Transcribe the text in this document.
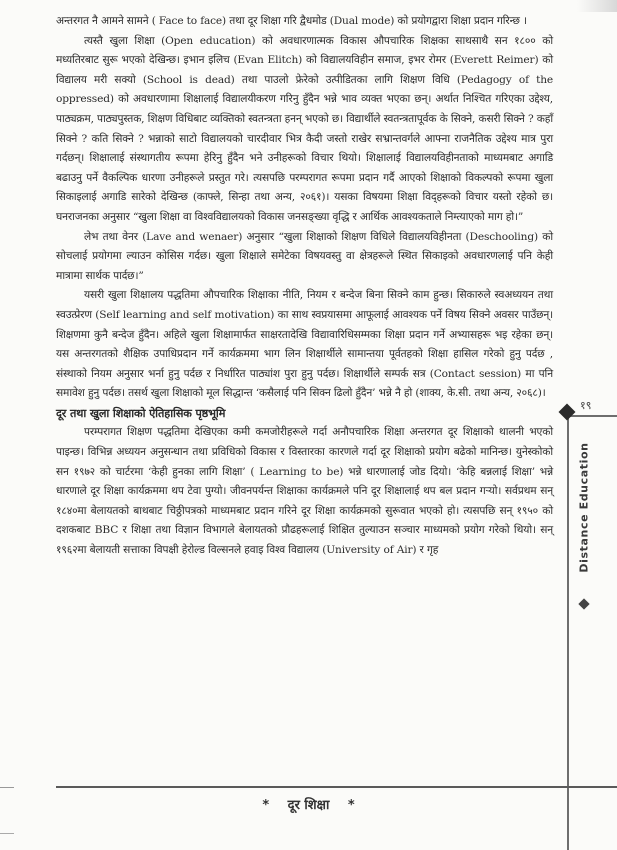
अन्तरगत नै आमने सामने ( Face to face) तथा दूर शिक्षा गरि द्वैधमोड (Dual mode) को प्रयोगद्वारा शिक्षा प्रदान गरिन्छ ।

त्यस्तै खुला शिक्षा (Open education) को अवधारणात्मक विकास औपचारिक शिक्षका साथसाथै सन १८०० को मध्यतिरबाट सुरू भएको देखिन्छ। इभान इलिच (Evan Elitch) को विद्यालयविहीन समाज, इभर रोमर (Everett Reimer) को विद्यालय मरी सक्यो (School is dead) तथा पाउलो फ्रेरेको उत्पीडितका लागि शिक्षण विधि (Pedagogy of the oppressed) को अवधारणामा शिक्षालाई विद्यालयीकरण गरिनु हुँदैन भन्ने भाव व्यक्त भएका छन्। अर्थात निश्चित गरिएका उद्देश्य, पाठ्यक्रम, पाठ्यपुस्तक, शिक्षण विधिबाट व्यक्तिको स्वतन्त्रता हनन् भएको छ। विद्यार्थीले स्वतन्त्रतापूर्वक के सिक्ने, कसरी सिक्ने ? कहाँ सिक्ने ? कति सिक्ने ? भन्नाको साटो विद्यालयको चारदीवार भित्र कैदी जस्तो राखेर सभ्रान्तवर्गले आफ्ना राजनैतिक उद्देश्य मात्र पुरा गर्दछन्। शिक्षालाई संस्थागतीय रूपमा हेरिनु हुँदैन भने उनीहरूको विचार थियो। शिक्षालाई विद्यालयविहीनताको माध्यमबाट अगाडि बढाउनु पर्ने वैकल्पिक धारणा उनीहरूले प्रस्तुत गरे। त्यसपछि परम्परागत रूपमा प्रदान गर्दै आएको शिक्षाको विकल्पको रूपमा खुला सिकाइलाई अगाडि सारेको देखिन्छ (काफ्ले, सिन्हा तथा अन्य, २०६१)। यसका विषयमा शिक्षा विद्हरूको विचार यस्तो रहेको छ। घनराजनका अनुसार “खुला शिक्षा वा विश्वविद्यालयको विकास जनसङ्ख्या वृद्धि र आर्थिक आवश्यकताले निम्त्याएको माग हो।”

लेभ तथा वेनर (Lave and wenaer) अनुसार “खुला शिक्षाको शिक्षण विधिले विद्यालयविहीनता (Deschooling) को सोचलाई प्रयोगमा ल्याउन कोसिस गर्दछ। खुला शिक्षाले समेटेका विषयवस्तु वा क्षेत्रहरूले स्थित सिकाइको अवधारणलाई पनि केही मात्रामा सार्थक पार्दछ।”

यसरी खुला शिक्षालय पद्धतिमा औपचारिक शिक्षाका नीति, नियम र बन्देज बिना सिक्ने काम हुन्छ। सिकारुले स्वअध्ययन तथा स्वउत्प्रेरण (Self learning and self motivation) का साथ स्वप्रयासमा आफूलाई आवश्यक पर्ने विषय सिक्ने अवसर पाउँछन्। शिक्षणमा कुनै बन्देज हुँदैन। अहिले खुला शिक्षामार्फत साक्षरतादेखि विद्यावारिधिसम्मका शिक्षा प्रदान गर्ने अभ्यासहरू भइ रहेका छन्। यस अन्तरगतको शैक्षिक उपाधिप्रदान गर्ने कार्यक्रममा भाग लिन शिक्षार्थीले सामान्तया पूर्वतहको शिक्षा हासिल गरेको हुनु पर्दछ , संस्थाको नियम अनुसार भर्ना हुनु पर्दछ र निर्धारित पाठ्यांश पुरा हुनु पर्दछ। शिक्षार्थीले सम्पर्क सत्र (Contact session) मा पनि समावेश हुनु पर्दछ। तसर्थ खुला शिक्षाको मूल सिद्धान्त ‘कसैलाई पनि सिक्न ढिलो हुँदैन’ भन्ने नै हो (शाक्य, के.सी. तथा अन्य, २०६८)।

दूर तथा खुला शिक्षाको ऐतिहासिक पृष्ठभूमि

परम्परागत शिक्षण पद्धतिमा देखिएका कमी कमजोरीहरूले गर्दा अनौपचारिक शिक्षा अन्तरगत दूर शिक्षाको थालनी भएको पाइन्छ। विभिन्न अध्ययन अनुसन्धान तथा प्रविधिको विकास र विस्तारका कारणले गर्दा दूर शिक्षाको प्रयोग बढेको मानिन्छ। युनेस्कोको सन १९७२ को चार्टरमा ‘केही हुनका लागि शिक्षा’ ( Learning to be) भन्ने धारणालाई जोड दियो। ‘केहि बन्नलाई शिक्षा’ भन्ने धारणाले दूर शिक्षा कार्यक्रममा थप टेवा पुग्यो। जीवनपर्यन्त शिक्षाका कार्यक्रमले पनि दूर शिक्षालाई थप बल प्रदान गर्‍यो। सर्वप्रथम सन् १८४०मा बेलायतको बाथबाट चिठ्ठीपत्रको माध्यमबाट प्रदान गरिने दूर शिक्षा कार्यक्रमको सुरूवात भएको हो। त्यसपछि सन् १९५० को दशकबाट BBC र शिक्षा तथा विज्ञान विभागले बेलायतको प्रौढहरूलाई शिक्षित तुल्याउन सञ्चार माध्यमको प्रयोग गरेको थियो। सन् १९६२मा बेलायती सत्ताका विपक्षी हेरोल्ड विल्सनले हवाइ विश्व विद्यालय (University of Air) र गृह

१९
Distance Education
* दूर शिक्षा *
